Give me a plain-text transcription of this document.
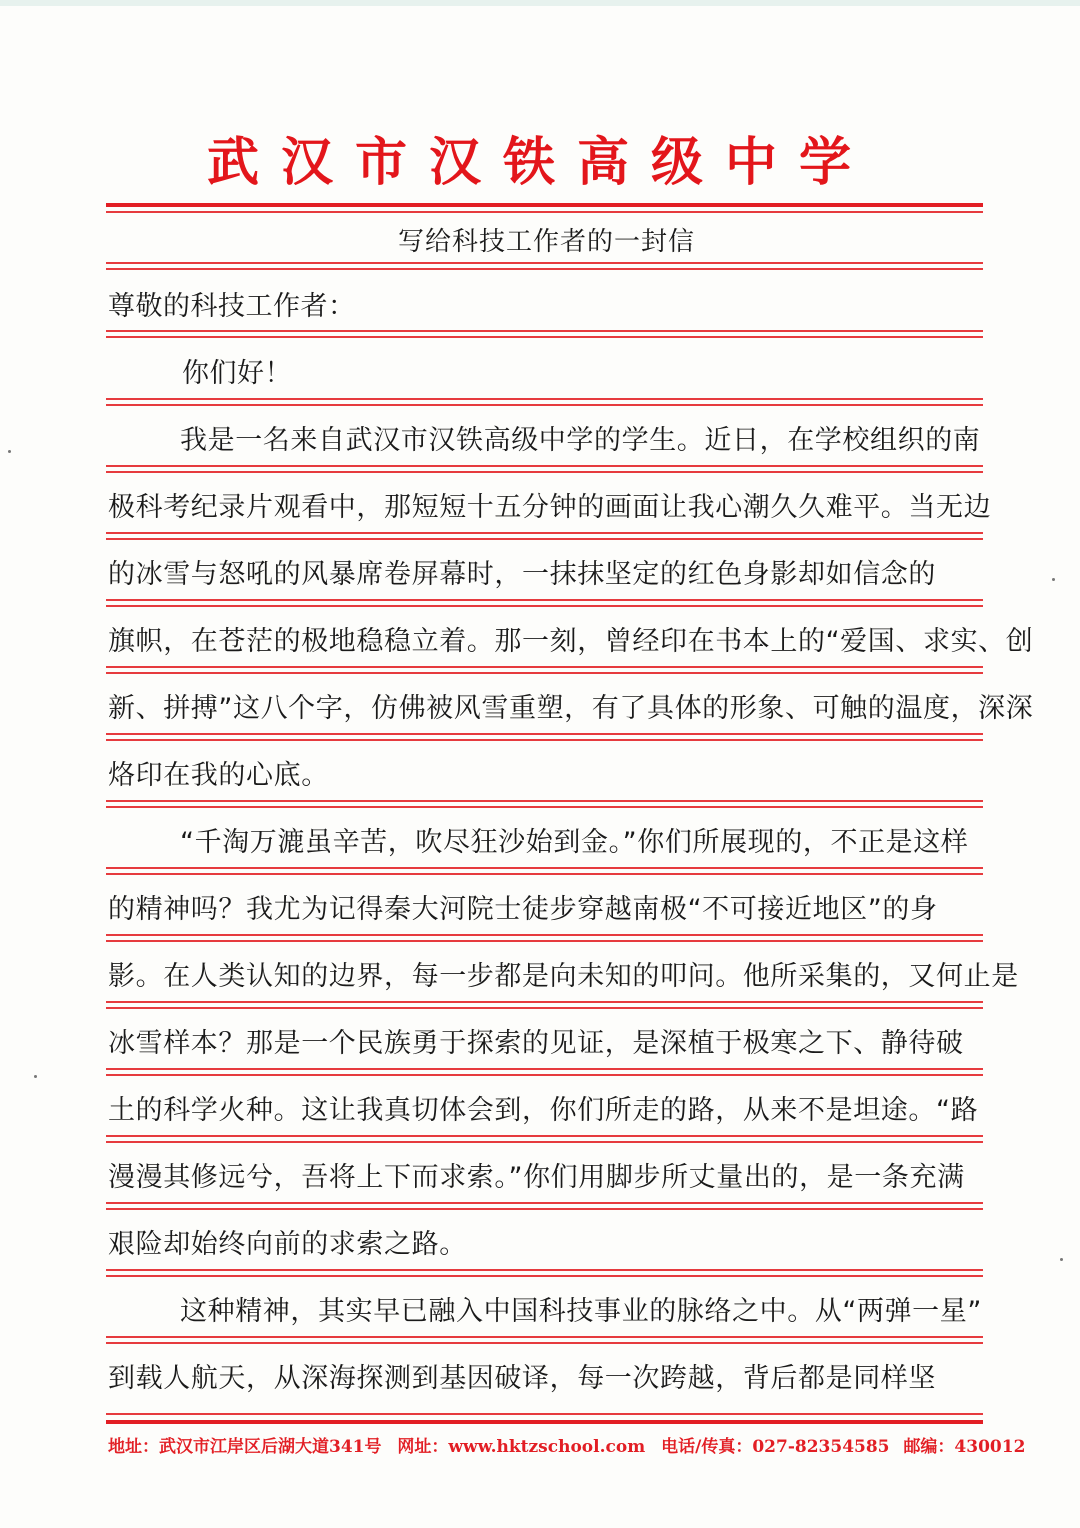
武汉市汉铁高级中学
写给科技工作者的一封信
尊敬的科技工作者：
你们好！
我是一名来自武汉市汉铁高级中学的学生。近日，在学校组织的南
极科考纪录片观看中，那短短十五分钟的画面让我心潮久久难平。当无边
的冰雪与怒吼的风暴席卷屏幕时，一抹抹坚定的红色身影却如信念的
旗帜，在苍茫的极地稳稳立着。那一刻，曾经印在书本上的“爱国、求实、创
新、拼搏”这八个字，仿佛被风雪重塑，有了具体的形象、可触的温度，深深
烙印在我的心底。
“千淘万漉虽辛苦，吹尽狂沙始到金。”你们所展现的，不正是这样
的精神吗？我尤为记得秦大河院士徒步穿越南极“不可接近地区”的身
影。在人类认知的边界，每一步都是向未知的叩问。他所采集的，又何止是
冰雪样本？那是一个民族勇于探索的见证，是深植于极寒之下、静待破
土的科学火种。这让我真切体会到，你们所走的路，从来不是坦途。“路
漫漫其修远兮，吾将上下而求索。”你们用脚步所丈量出的，是一条充满
艰险却始终向前的求索之路。
这种精神，其实早已融入中国科技事业的脉络之中。从“两弹一星”
到载人航天，从深海探测到基因破译，每一次跨越，背后都是同样坚
地址：武汉市江岸区后湖大道341号 网址：www.hktzschool.com 电话/传真：027-82354585 邮编：430012
